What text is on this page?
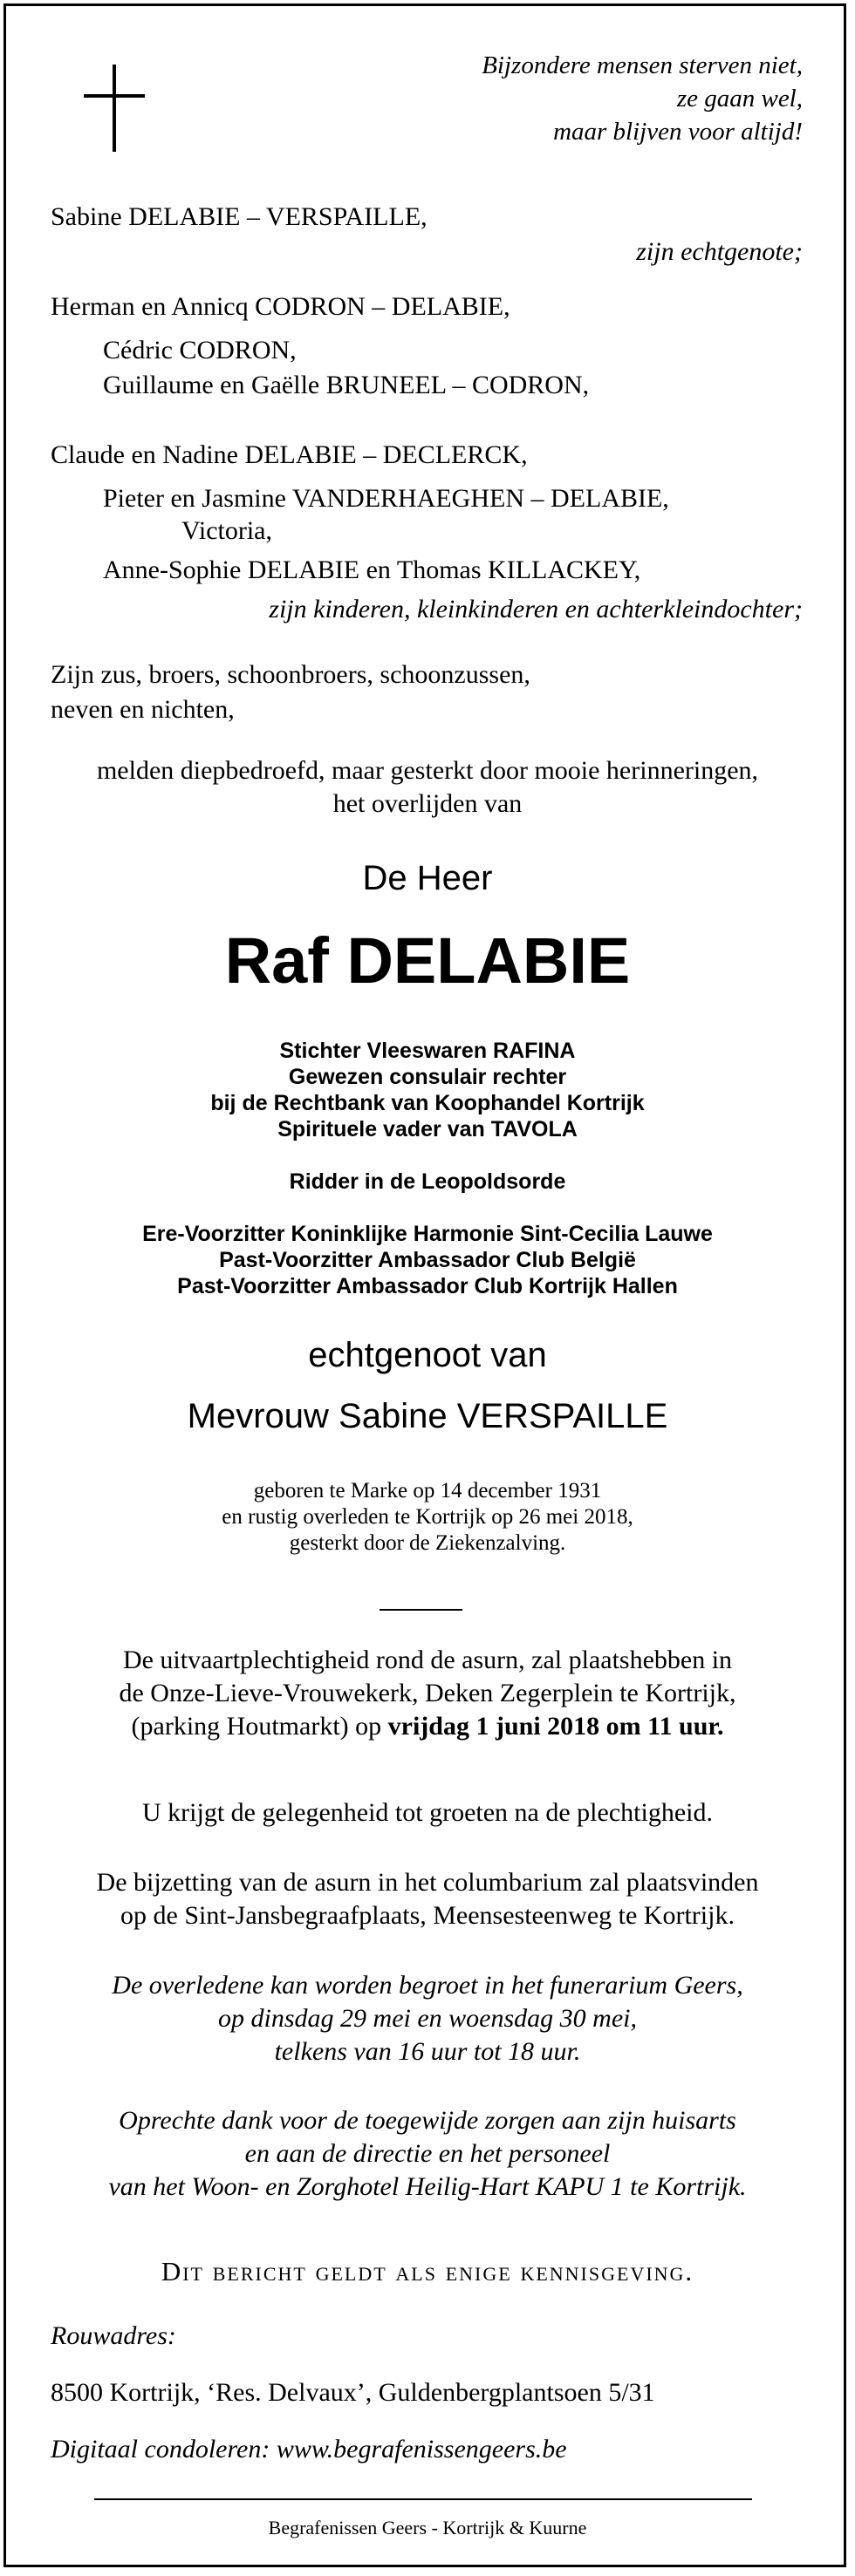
Bijzondere mensen sterven niet,
ze gaan wel,
maar blijven voor altijd!
Sabine DELABIE – VERSPAILLE,
zijn echtgenote;
Herman en Annicq CODRON – DELABIE,
Cédric CODRON,
Guillaume en Gaëlle BRUNEEL – CODRON,
Claude en Nadine DELABIE – DECLERCK,
Pieter en Jasmine VANDERHAEGHEN – DELABIE,
Victoria,
Anne-Sophie DELABIE en Thomas KILLACKEY,
zijn kinderen, kleinkinderen en achterkleindochter;
Zijn zus, broers, schoonbroers, schoonzussen,
neven en nichten,
melden diepbedroefd, maar gesterkt door mooie herinneringen,
het overlijden van
De Heer
Raf DELABIE
Stichter Vleeswaren RAFINA
Gewezen consulair rechter
bij de Rechtbank van Koophandel Kortrijk
Spirituele vader van TAVOLA
Ridder in de Leopoldsorde
Ere-Voorzitter Koninklijke Harmonie Sint-Cecilia Lauwe
Past-Voorzitter Ambassador Club België
Past-Voorzitter Ambassador Club Kortrijk Hallen
echtgenoot van
Mevrouw Sabine VERSPAILLE
geboren te Marke op 14 december 1931
en rustig overleden te Kortrijk op 26 mei 2018,
gesterkt door de Ziekenzalving.
De uitvaartplechtigheid rond de asurn, zal plaatshebben in
de Onze-Lieve-Vrouwekerk, Deken Zegerplein te Kortrijk,
(parking Houtmarkt) op vrijdag 1 juni 2018 om 11 uur.
U krijgt de gelegenheid tot groeten na de plechtigheid.
De bijzetting van de asurn in het columbarium zal plaatsvinden
op de Sint-Jansbegraafplaats, Meensesteenweg te Kortrijk.
De overledene kan worden begroet in het funerarium Geers,
op dinsdag 29 mei en woensdag 30 mei,
telkens van 16 uur tot 18 uur.
Oprechte dank voor de toegewijde zorgen aan zijn huisarts
en aan de directie en het personeel
van het Woon- en Zorghotel Heilig-Hart KAPU 1 te Kortrijk.
Dit bericht geldt als enige kennisgeving.
Rouwadres:
8500 Kortrijk, ‘Res. Delvaux’, Guldenbergplantsoen 5/31
Digitaal condoleren: www.begrafenissengeers.be
Begrafenissen Geers - Kortrijk & Kuurne
